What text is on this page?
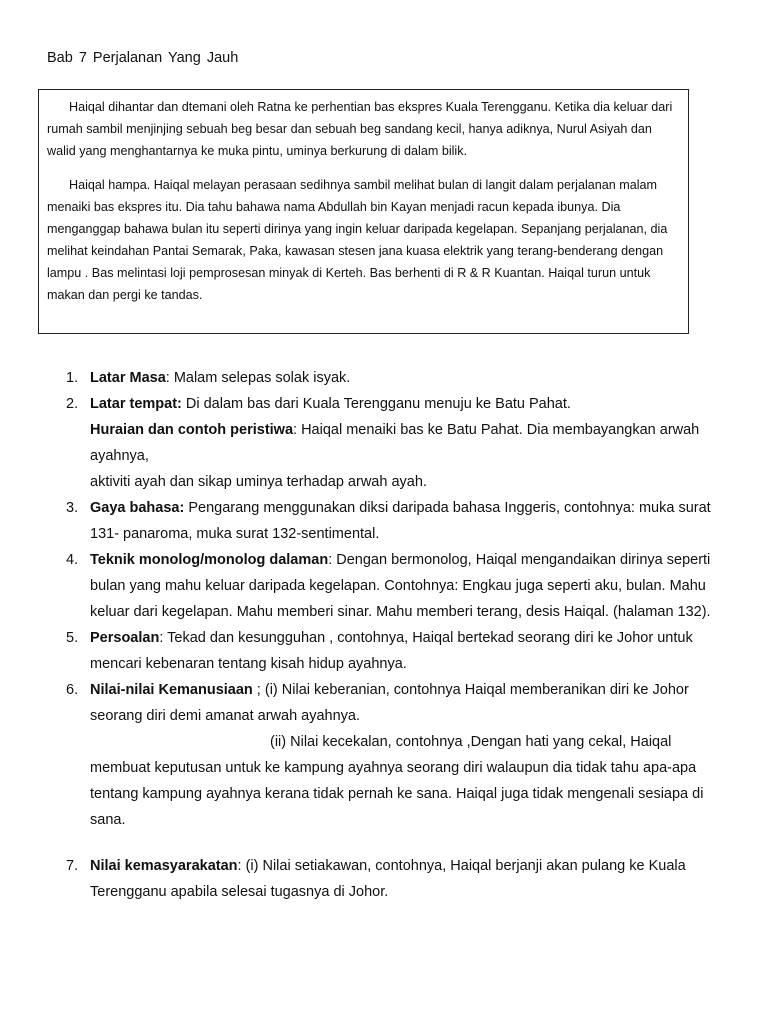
Bab 7 Perjalanan Yang Jauh

Haiqal dihantar dan dtemani oleh Ratna ke perhentian bas ekspres Kuala Terengganu. Ketika dia keluar dari rumah sambil menjinjing sebuah beg besar dan sebuah beg sandang kecil, hanya adiknya, Nurul Asiyah dan walid yang menghantarnya ke muka pintu, uminya berkurung di dalam bilik.

Haiqal hampa. Haiqal melayan perasaan sedihnya sambil melihat bulan di langit dalam perjalanan malam menaiki bas ekspres itu. Dia tahu bahawa nama Abdullah bin Kayan menjadi racun kepada ibunya. Dia menganggap bahawa bulan itu seperti dirinya yang ingin keluar daripada kegelapan. Sepanjang perjalanan, dia melihat keindahan Pantai Semarak, Paka, kawasan stesen jana kuasa elektrik yang terang-benderang dengan lampu . Bas melintasi loji pemprosesan minyak di Kerteh. Bas berhenti di R & R Kuantan. Haiqal turun untuk makan dan pergi ke tandas.

1. Latar Masa: Malam selepas solak isyak.
2. Latar tempat: Di dalam bas dari Kuala Terengganu menuju ke Batu Pahat.
Huraian dan contoh peristiwa: Haiqal menaiki bas ke Batu Pahat. Dia membayangkan arwah ayahnya,
aktiviti ayah dan sikap uminya terhadap arwah ayah.
3. Gaya bahasa: Pengarang menggunakan diksi daripada bahasa Inggeris, contohnya: muka surat 131- panaroma, muka surat 132-sentimental.
4. Teknik monolog/monolog dalaman: Dengan bermonolog, Haiqal mengandaikan dirinya seperti bulan yang mahu keluar daripada kegelapan. Contohnya: Engkau juga seperti aku, bulan. Mahu keluar dari kegelapan. Mahu memberi sinar. Mahu memberi terang, desis Haiqal. (halaman 132).
5. Persoalan: Tekad dan kesungguhan , contohnya, Haiqal bertekad seorang diri ke Johor untuk mencari kebenaran tentang kisah hidup ayahnya.
6. Nilai-nilai Kemanusiaan ; (i) Nilai keberanian, contohnya Haiqal memberanikan diri ke Johor seorang diri demi amanat arwah ayahnya.
(ii) Nilai kecekalan, contohnya ,Dengan hati yang cekal, Haiqal
membuat keputusan untuk ke kampung ayahnya seorang diri walaupun dia tidak tahu apa-apa tentang kampung ayahnya kerana tidak pernah ke sana. Haiqal juga tidak mengenali sesiapa di sana.
7. Nilai kemasyarakatan: (i) Nilai setiakawan, contohnya, Haiqal berjanji akan pulang ke Kuala Terengganu apabila selesai tugasnya di Johor.
